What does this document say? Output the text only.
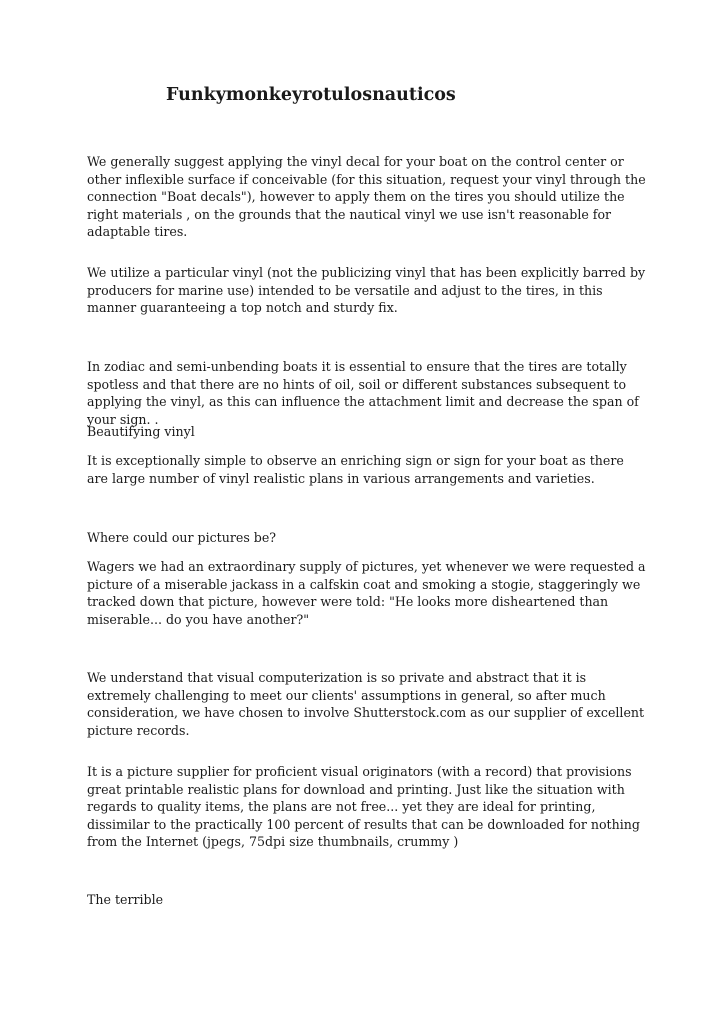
Funkymonkeyrotulosnauticos

We generally suggest applying the vinyl decal for your boat on the control center or other inflexible surface if conceivable (for this situation, request your vinyl through the connection "Boat decals"), however to apply them on the tires you should utilize the right materials , on the grounds that the nautical vinyl we use isn't reasonable for adaptable tires.

We utilize a particular vinyl (not the publicizing vinyl that has been explicitly barred by producers for marine use) intended to be versatile and adjust to the tires, in this manner guaranteeing a top notch and sturdy fix.

In zodiac and semi-unbending boats it is essential to ensure that the tires are totally spotless and that there are no hints of oil, soil or different substances subsequent to applying the vinyl, as this can influence the attachment limit and decrease the span of your sign. .

Beautifying vinyl

It is exceptionally simple to observe an enriching sign or sign for your boat as there are large number of vinyl realistic plans in various arrangements and varieties.

Where could our pictures be?

Wagers we had an extraordinary supply of pictures, yet whenever we were requested a picture of a miserable jackass in a calfskin coat and smoking a stogie, staggeringly we tracked down that picture, however were told: "He looks more disheartened than miserable... do you have another?"

We understand that visual computerization is so private and abstract that it is extremely challenging to meet our clients' assumptions in general, so after much consideration, we have chosen to involve Shutterstock.com as our supplier of excellent picture records.

It is a picture supplier for proficient visual originators (with a record) that provisions great printable realistic plans for download and printing. Just like the situation with regards to quality items, the plans are not free... yet they are ideal for printing, dissimilar to the practically 100 percent of results that can be downloaded for nothing from the Internet (jpegs, 75dpi size thumbnails, crummy )

The terrible
